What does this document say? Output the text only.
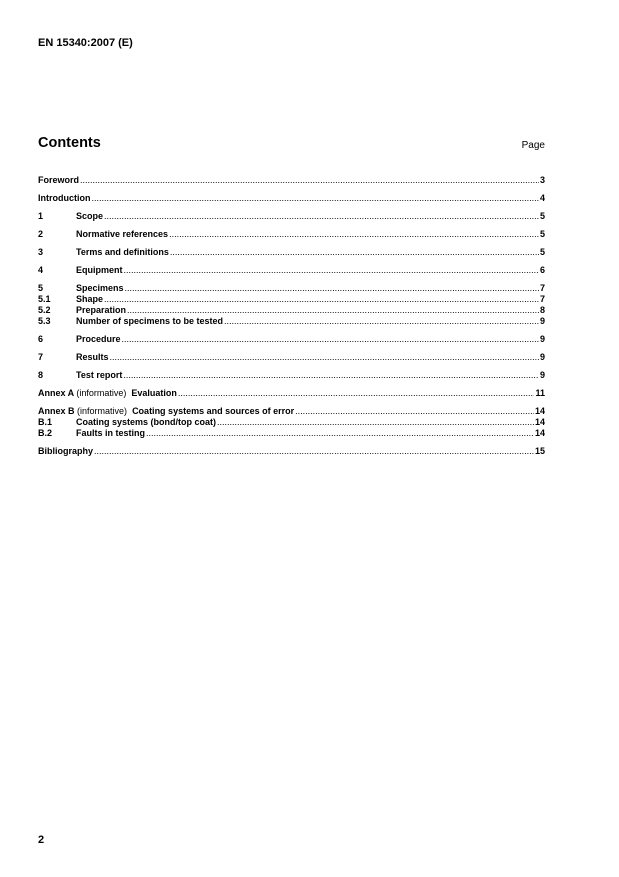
EN 15340:2007 (E)
Contents	Page
Foreword .....	3
Introduction .....	4
1	Scope .....	5
2	Normative references .....	5
3	Terms and definitions .....	5
4	Equipment .....	6
5	Specimens .....	7
5.1	Shape .....	7
5.2	Preparation .....	8
5.3	Number of specimens to be tested .....	9
6	Procedure .....	9
7	Results .....	9
8	Test report .....	9
Annex A (informative) Evaluation .....	11
Annex B (informative) Coating systems and sources of error .....	14
B.1	Coating systems (bond/top coat) .....	14
B.2	Faults in testing .....	14
Bibliography .....	15
2
